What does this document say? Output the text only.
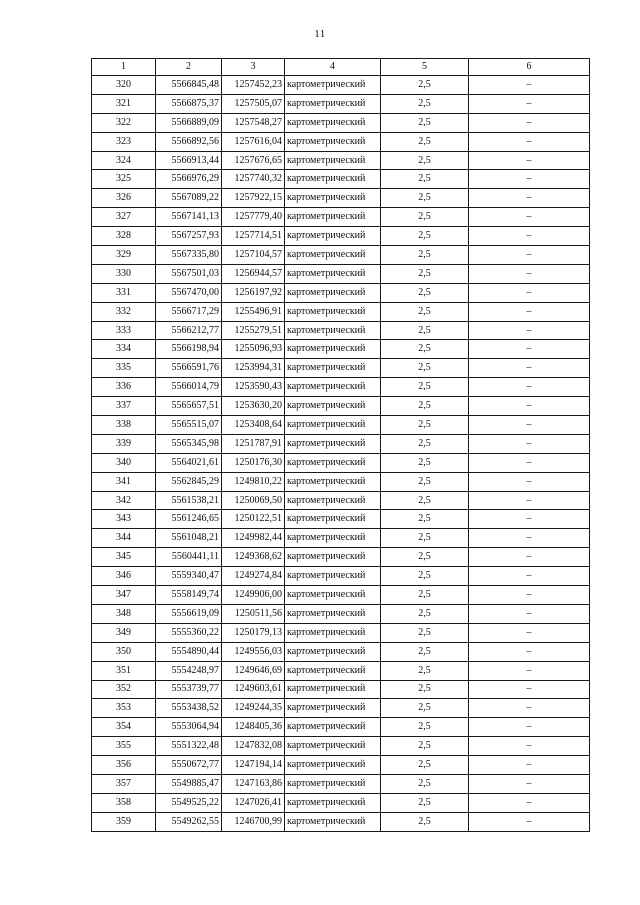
11
1	2	3	4	5	6
320	5566845,48	1257452,23	картометрический	2,5	–
321	5566875,37	1257505,07	картометрический	2,5	–
322	5566889,09	1257548,27	картометрический	2,5	–
323	5566892,56	1257616,04	картометрический	2,5	–
324	5566913,44	1257676,65	картометрический	2,5	–
325	5566976,29	1257740,32	картометрический	2,5	–
326	5567089,22	1257922,15	картометрический	2,5	–
327	5567141,13	1257779,40	картометрический	2,5	–
328	5567257,93	1257714,51	картометрический	2,5	–
329	5567335,80	1257104,57	картометрический	2,5	–
330	5567501,03	1256944,57	картометрический	2,5	–
331	5567470,00	1256197,92	картометрический	2,5	–
332	5566717,29	1255496,91	картометрический	2,5	–
333	5566212,77	1255279,51	картометрический	2,5	–
334	5566198,94	1255096,93	картометрический	2,5	–
335	5566591,76	1253994,31	картометрический	2,5	–
336	5566014,79	1253590,43	картометрический	2,5	–
337	5565657,51	1253630,20	картометрический	2,5	–
338	5565515,07	1253408,64	картометрический	2,5	–
339	5565345,98	1251787,91	картометрический	2,5	–
340	5564021,61	1250176,30	картометрический	2,5	–
341	5562845,29	1249810,22	картометрический	2,5	–
342	5561538,21	1250069,50	картометрический	2,5	–
343	5561246,65	1250122,51	картометрический	2,5	–
344	5561048,21	1249982,44	картометрический	2,5	–
345	5560441,11	1249368,62	картометрический	2,5	–
346	5559340,47	1249274,84	картометрический	2,5	–
347	5558149,74	1249906,00	картометрический	2,5	–
348	5556619,09	1250511,56	картометрический	2,5	–
349	5555360,22	1250179,13	картометрический	2,5	–
350	5554890,44	1249556,03	картометрический	2,5	–
351	5554248,97	1249646,69	картометрический	2,5	–
352	5553739,77	1249603,61	картометрический	2,5	–
353	5553438,52	1249244,35	картометрический	2,5	–
354	5553064,94	1248405,36	картометрический	2,5	–
355	5551322,48	1247832,08	картометрический	2,5	–
356	5550672,77	1247194,14	картометрический	2,5	–
357	5549885,47	1247163,86	картометрический	2,5	–
358	5549525,22	1247026,41	картометрический	2,5	–
359	5549262,55	1246700,99	картометрический	2,5	–
